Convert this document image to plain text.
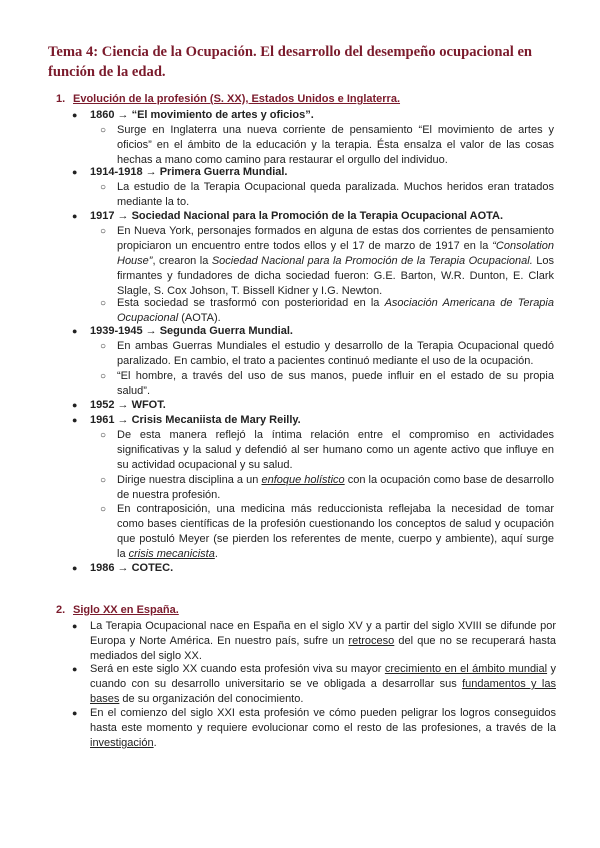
Tema 4: Ciencia de la Ocupación. El desarrollo del desempeño ocupacional en función de la edad.
1. Evolución de la profesión (S. XX), Estados Unidos e Inglaterra.
● 1860 → “El movimiento de artes y oficios”.
○ Surge en Inglaterra una nueva corriente de pensamiento “El movimiento de artes y oficios” en el ámbito de la educación y la terapia. Ésta ensalza el valor de las cosas hechas a mano como camino para restaurar el orgullo del individuo.
● 1914-1918 → Primera Guerra Mundial.
○ La estudio de la Terapia Ocupacional queda paralizada. Muchos heridos eran tratados mediante la to.
● 1917 → Sociedad Nacional para la Promoción de la Terapia Ocupacional AOTA.
○ En Nueva York, personajes formados en alguna de estas dos corrientes de pensamiento propiciaron un encuentro entre todos ellos y el 17 de marzo de 1917 en la “Consolation House”, crearon la Sociedad Nacional para la Promoción de la Terapia Ocupacional. Los firmantes y fundadores de dicha sociedad fueron: G.E. Barton, W.R. Dunton, E. Clark Slagle, S. Cox Johson, T. Bissell Kidner y I.G. Newton.
○ Esta sociedad se trasformó con posterioridad en la Asociación Americana de Terapia Ocupacional (AOTA).
● 1939-1945 → Segunda Guerra Mundial.
○ En ambas Guerras Mundiales el estudio y desarrollo de la Terapia Ocupacional quedó paralizado. En cambio, el trato a pacientes continuó mediante el uso de la ocupación.
○ “El hombre, a través del uso de sus manos, puede influir en el estado de su propia salud”.
● 1952 → WFOT.
● 1961 → Crisis Mecaniista de Mary Reilly.
○ De esta manera reflejó la íntima relación entre el compromiso en actividades significativas y la salud y defendió al ser humano como un agente activo que influye en su actividad ocupacional y su salud.
○ Dirige nuestra disciplina a un enfoque holístico con la ocupación como base de desarrollo de nuestra profesión.
○ En contraposición, una medicina más reduccionista reflejaba la necesidad de tomar como bases científicas de la profesión cuestionando los conceptos de salud y ocupación que postuló Meyer (se pierden los referentes de mente, cuerpo y ambiente), aquí surge la crisis mecanicista.
● 1986 → COTEC.
2. Siglo XX en España.
● La Terapia Ocupacional nace en España en el siglo XV y a partir del siglo XVIII se difunde por Europa y Norte América. En nuestro país, sufre un retroceso del que no se recuperará hasta mediados del siglo XX.
● Será en este siglo XX cuando esta profesión viva su mayor crecimiento en el ámbito mundial y cuando con su desarrollo universitario se ve obligada a desarrollar sus fundamentos y las bases de su organización del conocimiento.
● En el comienzo del siglo XXI esta profesión ve cómo pueden peligrar los logros conseguidos hasta este momento y requiere evolucionar como el resto de las profesiones, a través de la investigación.
